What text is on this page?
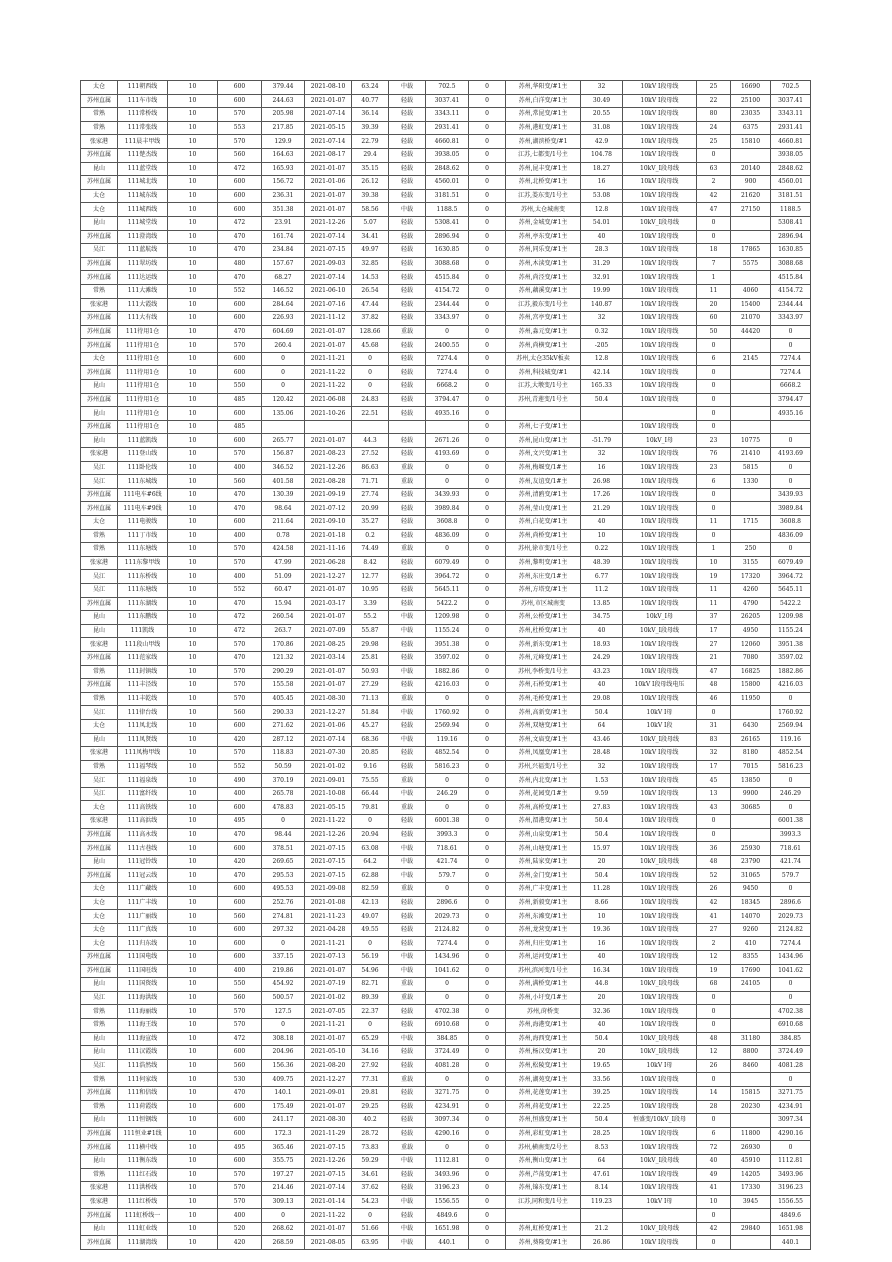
太仓	111朝西线	10	600	379.44	2021-08-10	63.24	中载	702.5	0	苏州,华阳变/#1主	32	10kV Ⅰ段母线	25	16690	702.5
苏州直属	111车市线	10	600	244.63	2021-01-07	40.77	轻载	3037.41	0	苏州,白洋变/#1主	30.49	10kV Ⅰ段母线	22	25100	3037.41
常熟	111常桥线	10	570	205.98	2021-07-14	36.14	轻载	3343.11	0	苏州,常昆变/#1主	20.55	10kV Ⅰ段母线	80	23035	3343.11
常熟	111常张线	10	553	217.85	2021-05-15	39.39	轻载	2931.41	0	苏州,港虹变/#1主	31.08	10kV Ⅰ段母线	24	6375	2931.41
张家港	111晨丰甲线	10	570	129.9	2021-07-14	22.79	轻载	4660.81	0	苏州,湖滨桥变/#1	42.9	10kV Ⅰ段母线	25	15810	4660.81
苏州直属	111楚杰线	10	560	164.63	2021-08-17	29.4	轻载	3938.05	0	江苏,七都变/1号主	104.78	10kV Ⅰ段母线	0		3938.05
昆山	111蓝堂线	10	472	165.93	2021-01-07	35.15	轻载	2848.62	0	苏州,昆丰变/#1主	18.27	10kV_Ⅰ段母线	63	20140	2848.62
苏州直属	111城北线	10	600	156.72	2021-01-06	26.12	轻载	4560.01	0	苏州,北桥变/#1主	16	10kV Ⅰ段母线	2	900	4560.01
太仓	111城东线	10	600	236.31	2021-01-07	39.38	轻载	3181.51	0	江苏,娄东变/1号主	53.08	10kV Ⅰ段母线	42	21620	3181.51
太仓	111城西线	10	600	351.38	2021-01-07	58.56	中载	1188.5	0	苏州,太仓城南变	12.8	10kV Ⅰ段母线	47	27150	1188.5
昆山	111城堂线	10	472	23.91	2021-12-26	5.07	轻载	5308.41	0	苏州,金城变/#1主	54.01	10kV_Ⅰ段母线	0		5308.41
苏州直属	111澄湾线	10	470	161.74	2021-07-14	34.41	轻载	2896.94	0	苏州,亭东变/#1主	40	10kV Ⅰ段母线	0		2896.94
吴江	111蓝航线	10	470	234.84	2021-07-15	49.97	轻载	1630.85	0	苏州,同乐变/#1主	28.3	10kV Ⅰ段母线	18	17865	1630.85
苏州直属	111翠坊线	10	480	157.67	2021-09-03	32.85	轻载	3088.68	0	苏州,木渎变/#1主	31.29	10kV Ⅰ段母线	7	5575	3088.68
苏州直属	111达运线	10	470	68.27	2021-07-14	14.53	轻载	4515.84	0	苏州,尚泾变/#1主	32.91	10kV Ⅰ段母线	1		4515.84
常熟	111大滩线	10	552	146.52	2021-06-10	26.54	轻载	4154.72	0	苏州,藕溪变/#1主	19.99	10kV Ⅰ段母线	11	4060	4154.72
张家港	111大霞线	10	600	284.64	2021-07-16	47.44	轻载	2344.44	0	江苏,毅东变/1号主	140.87	10kV Ⅰ段母线	20	15400	2344.44
苏州直属	111大有线	10	600	226.93	2021-11-12	37.82	轻载	3343.97	0	苏州,宫亭变/#1主	32	10kV Ⅰ段母线	60	21070	3343.97
苏州直属	111待用1仓	10	470	604.69	2021-01-07	128.66	重载	0	0	苏州,淼元变/#1主	0.32	10kV Ⅰ段母线	50	44420	0
苏州直属	111待用1仓	10	570	260.4	2021-01-07	45.68	轻载	2400.55	0	苏州,尚横变/#1主	-205	10kV Ⅰ段母线	0		0
太仓	111待用1仓	10	600	0	2021-11-21	0	轻载	7274.4	0	苏州,太仓35kV板卖	12.8	10kV Ⅰ段母线	6	2145	7274.4
苏州直属	111待用1仓	10	600	0	2021-11-22	0	轻载	7274.4	0	苏州,科技城变/#1	42.14	10kV Ⅰ段母线	0		7274.4
昆山	111待用1仓	10	550	0	2021-11-22	0	轻载	6668.2	0	江苏,大墩变/1号主	165.33	10kV Ⅰ段母线	0		6668.2
苏州直属	111待用1仓	10	485	120.42	2021-06-08	24.83	轻载	3794.47	0	苏州,青莲变/1号主	50.4	10kV Ⅰ段母线	0		3794.47
昆山	111待用1仓	10	600	135.06	2021-10-26	22.51	轻载	4935.16	0				0		4935.16
苏州直属	111待用1仓	10	485						0	苏州,七子变/#1主		10kV Ⅰ段母线	0		
昆山	111蓝凯线	10	600	265.77	2021-01-07	44.3	轻载	2671.26	0	苏州,昆山变/#1主	-51.79	10kV_Ⅰ母	23	10775	0
张家港	111登山线	10	570	156.87	2021-08-23	27.52	轻载	4193.69	0	苏州,文兴变/#1主	32	10kV Ⅰ段母线	76	21410	4193.69
吴江	111卧伦线	10	400	346.52	2021-12-26	86.63	重载	0	0	苏州,梅堰变/1#主	16	10kV Ⅰ段母线	23	5815	0
吴江	111东城线	10	560	401.58	2021-08-28	71.71	重载	0	0	苏州,友谊变/1#主	26.98	10kV Ⅰ段母线	6	1330	0
苏州直属	111电车#6线	10	470	130.39	2021-09-19	27.74	轻载	3439.93	0	苏州,清鸥变/#1主	17.26	10kV Ⅰ段母线	0		3439.93
苏州直属	111电车#9线	10	470	98.64	2021-07-12	20.99	轻载	3989.84	0	苏州,莹山变/#1主	21.29	10kV Ⅰ段母线	0		3989.84
太仓	111电骏线	10	600	211.64	2021-09-10	35.27	轻载	3608.8	0	苏州,白花变/#1主	40	10kV Ⅰ段母线	11	1715	3608.8
常熟	111丁市线	10	400	0.78	2021-01-18	0.2	轻载	4836.09	0	苏州,尚桥变/#1主	10	10kV Ⅰ段母线	0		4836.09
常熟	111东塘线	10	570	424.58	2021-11-16	74.49	重载	0	0	苏州,徐市变/1号主	0.22	10kV Ⅰ段母线	1	250	0
张家港	111东黎甲线	10	570	47.99	2021-06-28	8.42	轻载	6079.49	0	苏州,黎明变/#1主	48.39	10kV Ⅰ段母线	10	3155	6079.49
吴江	111东桥线	10	400	51.09	2021-12-27	12.77	轻载	3964.72	0	苏州,东庄变/1#主	6.77	10kV Ⅰ段母线	19	17320	3964.72
吴江	111东塘线	10	552	60.47	2021-01-07	10.95	轻载	5645.11	0	苏州,方塔变/#1主	11.2	10kV Ⅰ段母线	11	4260	5645.11
苏州直属	111东湖线	10	470	15.94	2021-03-17	3.39	轻载	5422.2	0	苏州,市区城南变	13.85	10kV Ⅰ段母线	11	4790	5422.2
昆山	111东鹏线	10	472	260.54	2021-01-07	55.2	中载	1209.98	0	苏州,公桥变/#1主	34.75	10kV_Ⅰ母	37	26205	1209.98
昆山	111凯线	10	472	263.7	2021-07-09	55.87	中载	1155.24	0	苏州,杜桥变/#1主	40	10kV_Ⅰ段母线	17	4950	1155.24
张家港	111段山甲线	10	570	170.86	2021-08-25	29.98	轻载	3951.38	0	苏州,新东变/#1主	18.93	10kV Ⅰ段母线	27	12060	3951.38
苏州直属	111范家线	10	470	121.32	2021-03-14	25.81	轻载	3597.02	0	苏州,元峰变/#1主	24.29	10kV Ⅰ段母线	21	7080	3597.02
常熟	111封镇线	10	570	290.29	2021-01-07	50.93	中载	1882.86	0	苏州,李桥变/1号主	43.23	10kV Ⅰ段母线	47	16825	1882.86
苏州直属	111丰泾线	10	570	155.58	2021-01-07	27.29	轻载	4216.03	0	苏州,石桥变/#1主	40	10kV Ⅰ段母线电压	48	15800	4216.03
常熟	111丰乾线	10	570	405.45	2021-08-30	71.13	重载	0	0	苏州,毛桥变/#1主	29.08	10kV Ⅰ段母线	46	11950	0
吴江	111律台线	10	560	290.33	2021-12-27	51.84	中载	1760.92	0	苏州,高新变/#1主	50.4	10kV Ⅰ母	0		1760.92
太仓	111凤北线	10	600	271.62	2021-01-06	45.27	轻载	2569.94	0	苏州,双塘变/#1主	64	10kV Ⅰ段	31	6430	2569.94
昆山	111凤贤线	10	420	287.12	2021-07-14	68.36	中载	119.16	0	苏州,文庙变/#1主	43.46	10kV_Ⅰ段母线	83	26165	119.16
张家港	111凤梅甲线	10	570	118.83	2021-07-30	20.85	轻载	4852.54	0	苏州,凤凰变/#1主	28.48	10kV Ⅰ段母线	32	8180	4852.54
常熟	111福琴线	10	552	50.59	2021-01-02	9.16	轻载	5816.23	0	苏州,兴福变/1号主	32	10kV Ⅰ段母线	17	7015	5816.23
吴江	111福泉线	10	490	370.19	2021-09-01	75.55	重载	0	0	苏州,内北变/#1主	1.53	10kV Ⅰ段母线	45	13850	0
吴江	111富纤线	10	400	265.78	2021-10-08	66.44	中载	246.29	0	苏州,花园变/1#主	9.59	10kV Ⅰ段母线	13	9900	246.29
太仓	111高铁线	10	600	478.83	2021-05-15	79.81	重载	0	0	苏州,高桥变/#1主	27.83	10kV Ⅰ段母线	43	30685	0
张家港	111高浜线	10	495	0	2021-11-22	0	轻载	6001.38	0	苏州,渭港变/#1主	50.4	10kV Ⅰ段母线	0		6001.38
苏州直属	111高永线	10	470	98.44	2021-12-26	20.94	轻载	3993.3	0	苏州,山泉变/#1主	50.4	10kV Ⅰ段母线	0		3993.3
苏州直属	111古巷线	10	600	378.51	2021-07-15	63.08	中载	718.61	0	苏州,山塘变/#1主	15.97	10kV Ⅰ段母线	36	25930	718.61
昆山	111冠铃线	10	420	269.65	2021-07-15	64.2	中载	421.74	0	苏州,陆家变/#1主	20	10kV_Ⅰ段母线	48	23790	421.74
苏州直属	111冠云线	10	470	295.53	2021-07-15	62.88	中载	579.7	0	苏州,金门变/#1主	50.4	10kV Ⅰ段母线	52	31065	579.7
太仓	111广藏线	10	600	495.53	2021-09-08	82.59	重载	0	0	苏州,广丰变/#1主	11.28	10kV Ⅰ段母线	26	9450	0
太仓	111广丰线	10	600	252.76	2021-01-08	42.13	轻载	2896.6	0	苏州,新毅变/#1主	8.66	10kV Ⅰ段母线	42	18345	2896.6
太仓	111广丽线	10	560	274.81	2021-11-23	49.07	轻载	2029.73	0	苏州,东滩变/#1主	10	10kV Ⅰ段母线	41	14070	2029.73
太仓	111广真线	10	600	297.32	2021-04-28	49.55	轻载	2124.82	0	苏州,龙营变/#1主	19.36	10kV Ⅰ段母线	27	9260	2124.82
太仓	111归东线	10	600	0	2021-11-21	0	轻载	7274.4	0	苏州,归庄变/#1主	16	10kV Ⅰ段母线	2	410	7274.4
苏州直属	111国电线	10	600	337.15	2021-07-13	56.19	中载	1434.96	0	苏州,运河变/#1主	40	10kV Ⅰ段母线	12	8355	1434.96
苏州直属	111国旺线	10	400	219.86	2021-01-07	54.96	中载	1041.62	0	苏州,滨河变/1号主	16.34	10kV Ⅰ段母线	19	17690	1041.62
昆山	111国资线	10	550	454.92	2021-07-19	82.71	重载	0	0	苏州,满桥变/#1主	44.8	10kV_Ⅰ段母线	68	24105	0
吴江	111海洪线	10	560	500.57	2021-01-02	89.39	重载	0	0	苏州,小圩变/1#主	20	10kV Ⅰ段母线	0		0
常熟	111海丽线	10	570	127.5	2021-07-05	22.37	轻载	4702.38	0	苏州,莳桥变	32.36	10kV Ⅰ段母线	0		4702.38
常熟	111海王线	10	570	0	2021-11-21	0	轻载	6910.68	0	苏州,海港变/#1主	40	10kV Ⅰ段母线	0		6910.68
昆山	111海宣线	10	472	308.18	2021-01-07	65.29	中载	384.85	0	苏州,海西变/#1主	50.4	10kV_Ⅰ段母线	48	31180	384.85
昆山	111汉霞线	10	600	204.96	2021-05-10	34.16	轻载	3724.49	0	苏州,杨汉变/#1主	20	10kV_Ⅰ段母线	12	8800	3724.49
吴江	111浩然线	10	560	156.36	2021-08-20	27.92	轻载	4081.28	0	苏州,松陵变/#1主	19.65	10kV Ⅰ母	26	8460	4081.28
常熟	111何家线	10	530	409.75	2021-12-27	77.31	重载	0	0	苏州,湖苑变/#1主	33.56	10kV Ⅰ段母线	0		0
苏州直属	111和信线	10	470	140.1	2021-09-01	29.81	轻载	3271.75	0	苏州,花莲变/#1主	39.25	10kV Ⅰ段母线	14	15815	3271.75
常熟	111荷霞线	10	600	175.49	2021-01-07	29.25	轻载	4234.91	0	苏州,荷花变/#1主	22.25	10kV Ⅰ段母线	28	20230	4234.91
昆山	111恒钢线	10	600	241.17	2021-08-30	40.2	轻载	3097.34	0	苏州,恒盛变/#1主	50.4	恒盛变/10kV_Ⅰ段母	0		3097.34
苏州直属	111恒业#1线	10	600	172.3	2021-11-29	28.72	轻载	4290.16	0	苏州,彩虹变/#1主	28.25	10kV Ⅰ段母线	6	11800	4290.16
苏州直属	111横中线	10	495	365.46	2021-07-15	73.83	重载	0	0	苏州,横南变/2号主	8.53	10kV Ⅰ段母线	72	26930	0
昆山	111衡东线	10	600	355.75	2021-12-26	59.29	中载	1112.81	0	苏州,衡山变/#1主	64	10kV_Ⅰ段母线	40	45910	1112.81
常熟	111红石线	10	570	197.27	2021-07-15	34.61	轻载	3493.96	0	苏州,芦荡变/#1主	47.61	10kV Ⅰ段母线	49	14205	3493.96
张家港	111洪桥线	10	570	214.46	2021-07-14	37.62	轻载	3196.23	0	苏州,锦东变/#1主	8.14	10kV Ⅰ段母线	41	17330	3196.23
张家港	111红桥线	10	570	309.13	2021-01-14	54.23	中载	1556.55	0	江苏,同和变/1号主	119.23	10kV Ⅰ母	10	3945	1556.55
苏州直属	111虹桥线一	10	400	0	2021-11-22	0	轻载	4849.6	0				0		4849.6
昆山	111虹业线	10	520	268.62	2021-01-07	51.66	中载	1651.98	0	苏州,虹桥变/#1主	21.2	10kV_Ⅰ段母线	42	29840	1651.98
苏州直属	111湖湾线	10	420	268.59	2021-08-05	63.95	中载	440.1	0	苏州,葵隆变/#1主	26.86	10kV Ⅰ段母线	0		440.1
